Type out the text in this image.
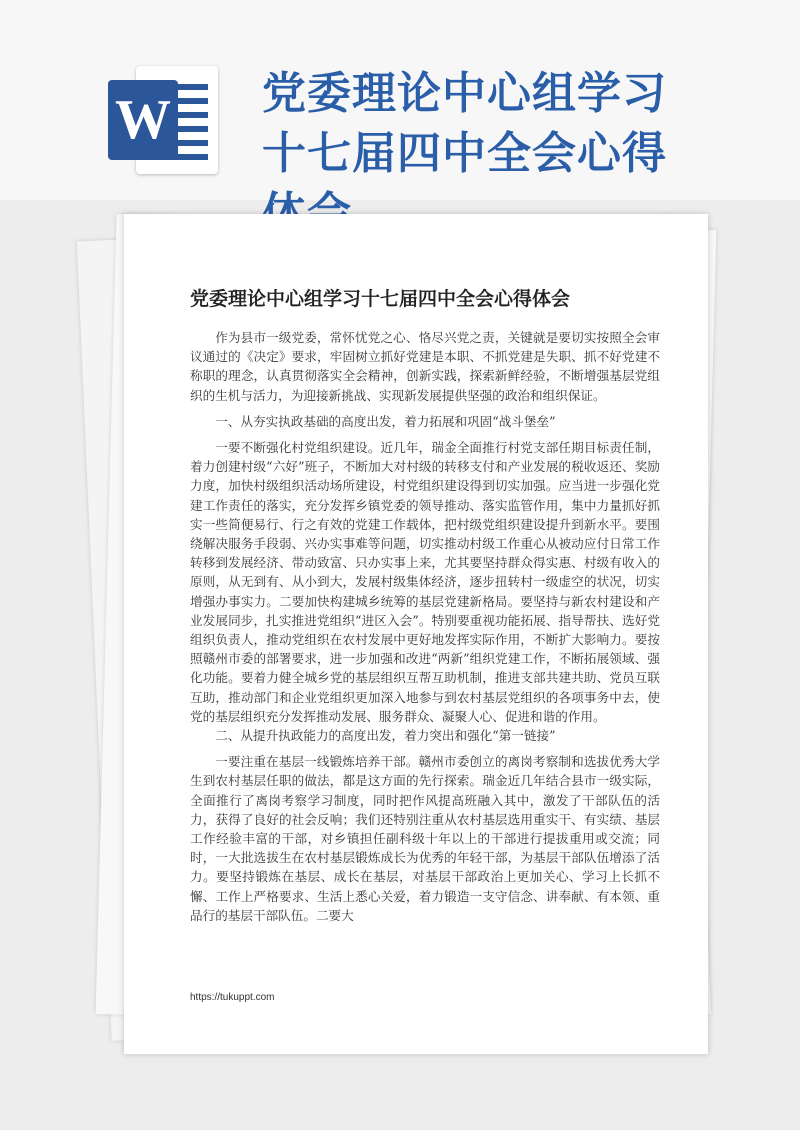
W 党委理论中心组学习十七届四中全会心得
党委理论中心组学习十七届四中全会心得体会

作为县市一级党委，常怀忧党之心、恪尽兴党之责，关键就是要切实按照全会审议通过的《决定》要求，牢固树立抓好党建是本职、不抓党建是失职、抓不好党建不称职的理念，认真贯彻落实全会精神，创新实践，探索新鲜经验，不断增强基层党组织的生机与活力，为迎接新挑战、实现新发展提供坚强的政治和组织保证。

一、从夯实执政基础的高度出发，着力拓展和巩固“战斗堡垒”

一要不断强化村党组织建设。近几年，瑞金全面推行村党支部任期目标责任制，着力创建村级“六好”班子，不断加大对村级的转移支付和产业发展的税收返还、奖励力度，加快村级组织活动场所建设，村党组织建设得到切实加强。应当进一步强化党建工作责任的落实，充分发挥乡镇党委的领导推动、落实监管作用，集中力量抓好抓实一些简便易行、行之有效的党建工作载体，把村级党组织建设提升到新水平。要围绕解决服务手段弱、兴办实事难等问题，切实推动村级工作重心从被动应付日常工作转移到发展经济、带动致富、只办实事上来，尤其要坚持群众得实惠、村级有收入的原则，从无到有、从小到大，发展村级集体经济，逐步扭转村一级虚空的状况，切实增强办事实力。二要加快构建城乡统筹的基层党建新格局。要坚持与新农村建设和产业发展同步，扎实推进党组织“进区入会”。特别要重视功能拓展、指导帮扶、选好党组织负责人，推动党组织在农村发展中更好地发挥实际作用，不断扩大影响力。要按照赣州市委的部署要求，进一步加强和改进“两新”组织党建工作，不断拓展领域、强化功能。要着力健全城乡党的基层组织互帮互助机制，推进支部共建共助、党员互联互助，推动部门和企业党组织更加深入地参与到农村基层党组织的各项事务中去，使党的基层组织充分发挥推动发展、服务群众、凝聚人心、促进和谐的作用。

二、从提升执政能力的高度出发，着力突出和强化“第一链接”

一要注重在基层一线锻炼培养干部。赣州市委创立的离岗考察制和选拔优秀大学生到农村基层任职的做法，都是这方面的先行探索。瑞金近几年结合县市一级实际，全面推行了离岗考察学习制度，同时把作风提高班融入其中，激发了干部队伍的活力，获得了良好的社会反响；我们还特别注重从农村基层选用重实干、有实绩、基层工作经验丰富的干部，对乡镇担任副科级十年以上的干部进行提拔重用或交流；同时，一大批选拔生在农村基层锻炼成长为优秀的年轻干部，为基层干部队伍增添了活力。要坚持锻炼在基层、成长在基层，对基层干部政治上更加关心、学习上长抓不懈、工作上严格要求、生活上悉心关爱，着力锻造一支守信念、讲奉献、有本领、重品行的基层干部队伍。二要大

https://tukuppt.com
